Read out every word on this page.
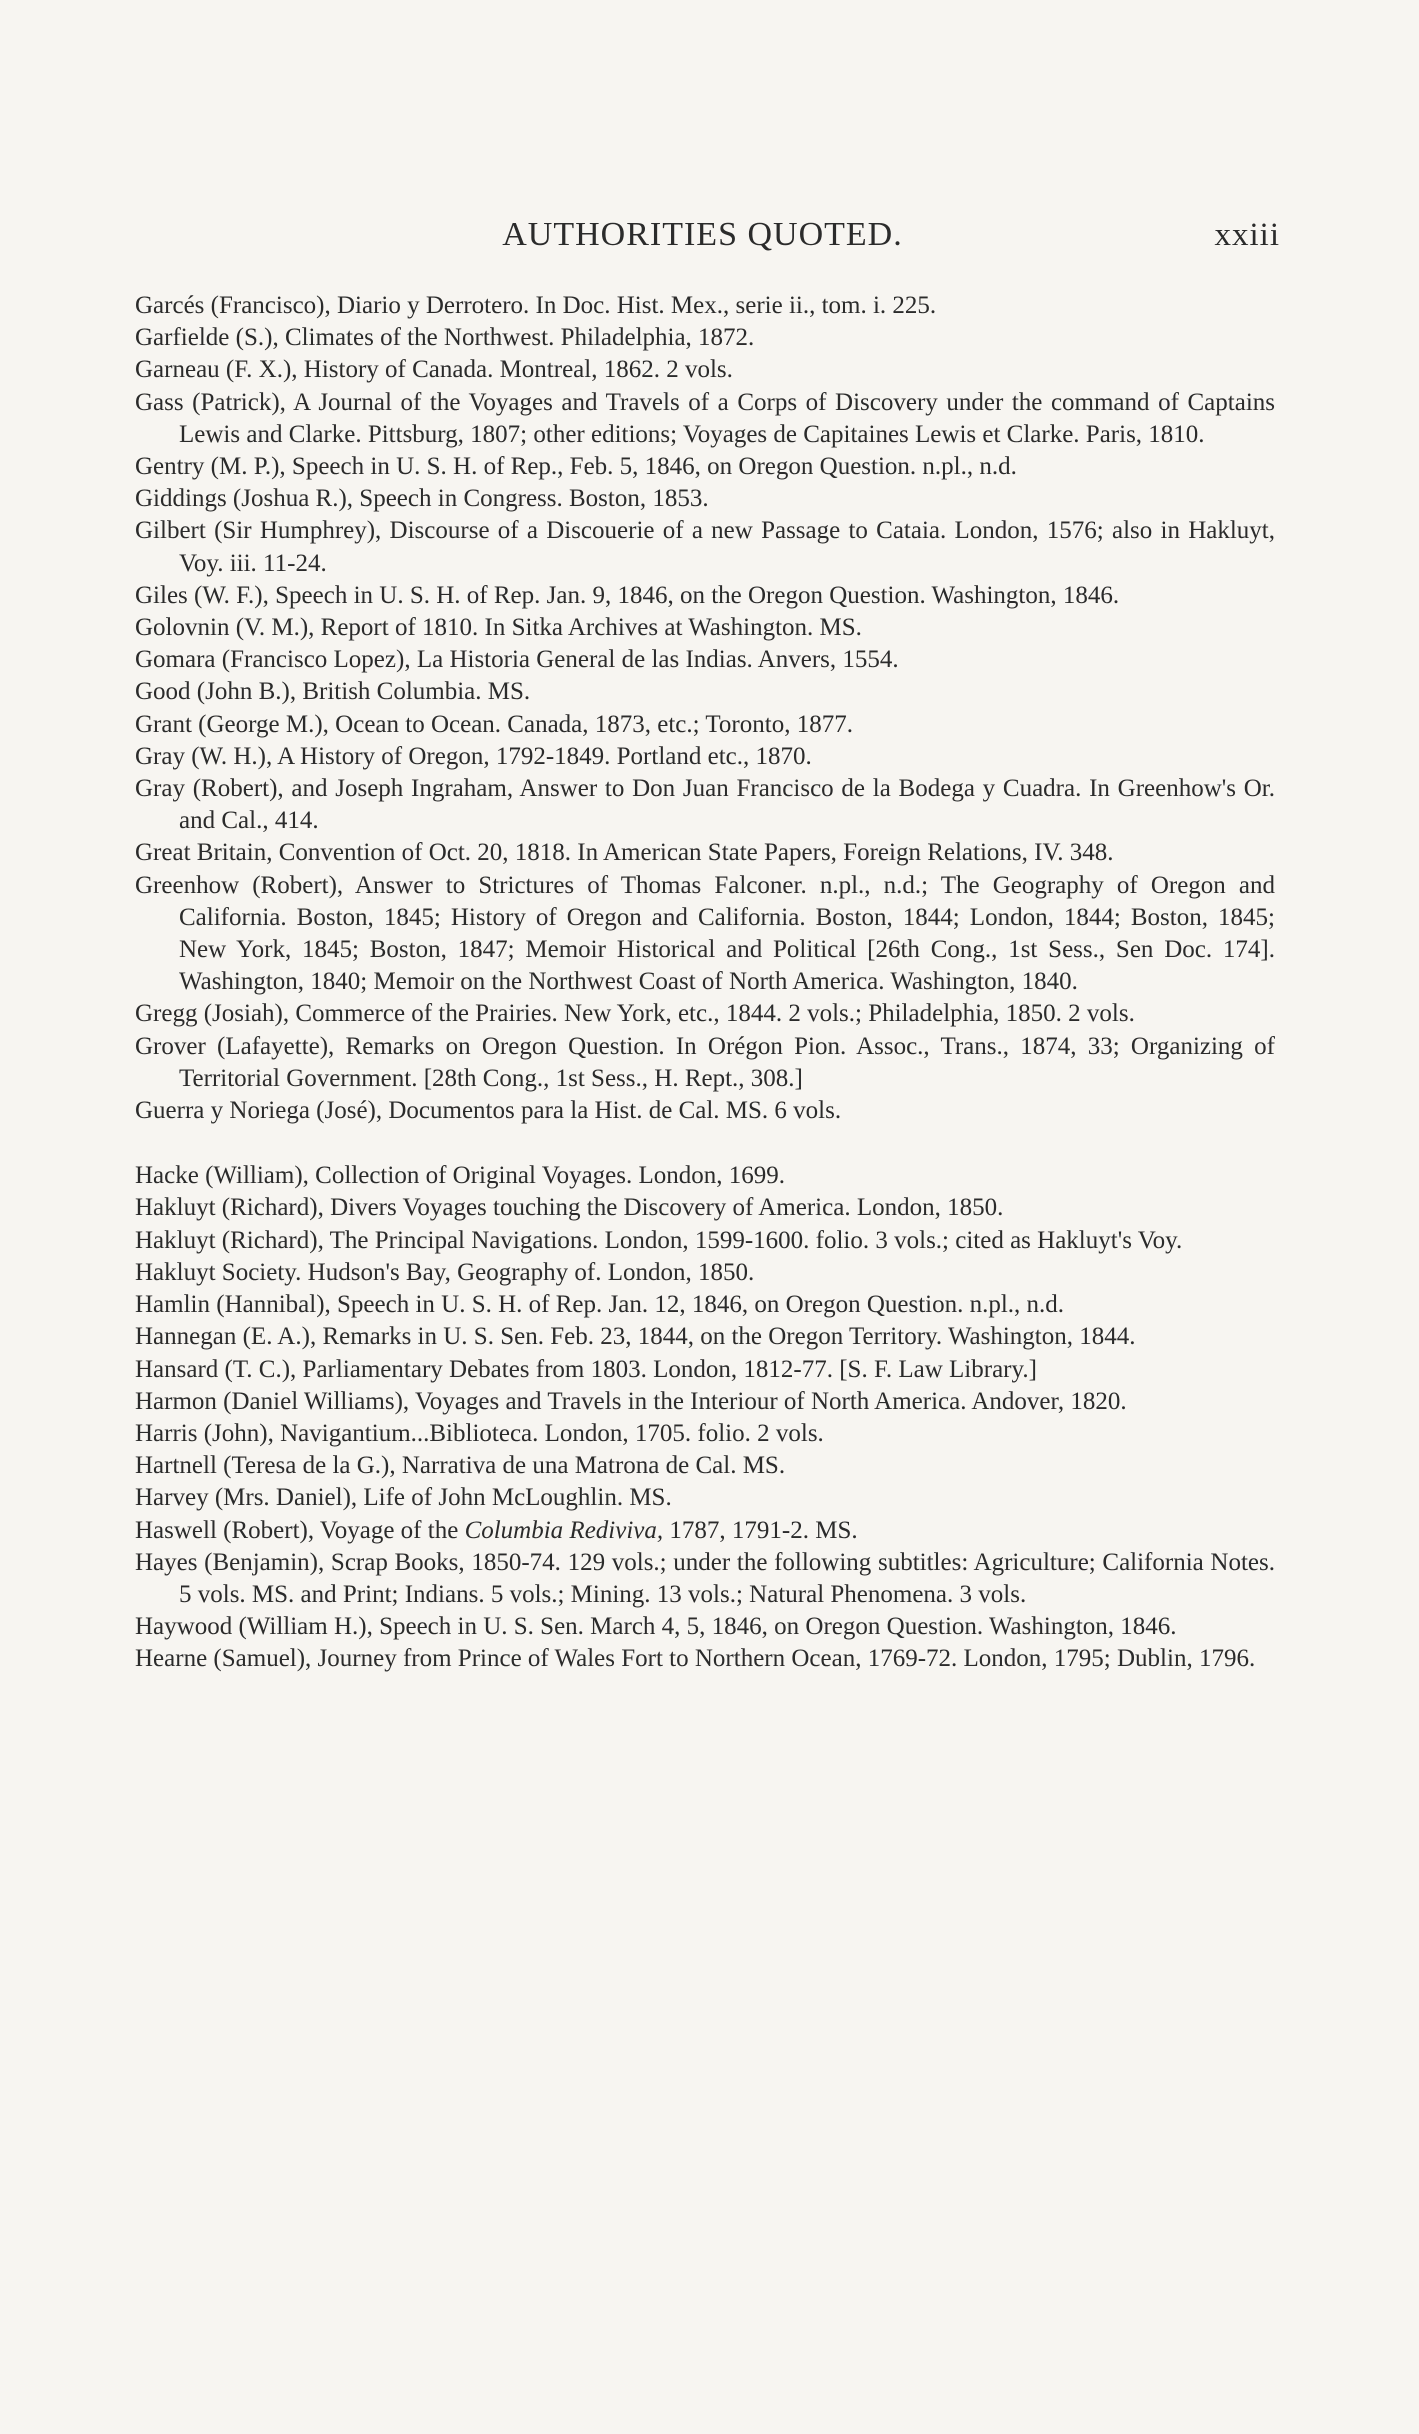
AUTHORITIES QUOTED.	xxiii
Garcés (Francisco), Diario y Derrotero. In Doc. Hist. Mex., serie ii., tom. i. 225.
Garfielde (S.), Climates of the Northwest. Philadelphia, 1872.
Garneau (F. X.), History of Canada. Montreal, 1862. 2 vols.
Gass (Patrick), A Journal of the Voyages and Travels of a Corps of Discovery under the command of Captains Lewis and Clarke. Pittsburg, 1807; other editions; Voyages de Capitaines Lewis et Clarke. Paris, 1810.
Gentry (M. P.), Speech in U. S. H. of Rep., Feb. 5, 1846, on Oregon Question. n.pl., n.d.
Giddings (Joshua R.), Speech in Congress. Boston, 1853.
Gilbert (Sir Humphrey), Discourse of a Discouerie of a new Passage to Cataia. London, 1576; also in Hakluyt, Voy. iii. 11-24.
Giles (W. F.), Speech in U. S. H. of Rep. Jan. 9, 1846, on the Oregon Question. Washington, 1846.
Golovnin (V. M.), Report of 1810. In Sitka Archives at Washington. MS.
Gomara (Francisco Lopez), La Historia General de las Indias. Anvers, 1554.
Good (John B.), British Columbia. MS.
Grant (George M.), Ocean to Ocean. Canada, 1873, etc.; Toronto, 1877.
Gray (W. H.), A History of Oregon, 1792-1849. Portland etc., 1870.
Gray (Robert), and Joseph Ingraham, Answer to Don Juan Francisco de la Bodega y Cuadra. In Greenhow's Or. and Cal., 414.
Great Britain, Convention of Oct. 20, 1818. In American State Papers, Foreign Relations, IV. 348.
Greenhow (Robert), Answer to Strictures of Thomas Falconer. n.pl., n.d.; The Geography of Oregon and California. Boston, 1845; History of Oregon and California. Boston, 1844; London, 1844; Boston, 1845; New York, 1845; Boston, 1847; Memoir Historical and Political [26th Cong., 1st Sess., Sen Doc. 174]. Washington, 1840; Memoir on the Northwest Coast of North America. Washington, 1840.
Gregg (Josiah), Commerce of the Prairies. New York, etc., 1844. 2 vols.; Philadelphia, 1850. 2 vols.
Grover (Lafayette), Remarks on Oregon Question. In Orégon Pion. Assoc., Trans., 1874, 33; Organizing of Territorial Government. [28th Cong., 1st Sess., H. Rept., 308.]
Guerra y Noriega (José), Documentos para la Hist. de Cal. MS. 6 vols.
Hacke (William), Collection of Original Voyages. London, 1699.
Hakluyt (Richard), Divers Voyages touching the Discovery of America. London, 1850.
Hakluyt (Richard), The Principal Navigations. London, 1599-1600. folio. 3 vols.; cited as Hakluyt's Voy.
Hakluyt Society. Hudson's Bay, Geography of. London, 1850.
Hamlin (Hannibal), Speech in U. S. H. of Rep. Jan. 12, 1846, on Oregon Question. n.pl., n.d.
Hannegan (E. A.), Remarks in U. S. Sen. Feb. 23, 1844, on the Oregon Territory. Washington, 1844.
Hansard (T. C.), Parliamentary Debates from 1803. London, 1812-77. [S. F. Law Library.]
Harmon (Daniel Williams), Voyages and Travels in the Interiour of North America. Andover, 1820.
Harris (John), Navigantium...Biblioteca. London, 1705. folio. 2 vols.
Hartnell (Teresa de la G.), Narrativa de una Matrona de Cal. MS.
Harvey (Mrs. Daniel), Life of John McLoughlin. MS.
Haswell (Robert), Voyage of the Columbia Rediviva, 1787, 1791-2. MS.
Hayes (Benjamin), Scrap Books, 1850-74. 129 vols.; under the following subtitles: Agriculture; California Notes. 5 vols. MS. and Print; Indians. 5 vols.; Mining. 13 vols.; Natural Phenomena. 3 vols.
Haywood (William H.), Speech in U. S. Sen. March 4, 5, 1846, on Oregon Question. Washington, 1846.
Hearne (Samuel), Journey from Prince of Wales Fort to Northern Ocean, 1769-72. London, 1795; Dublin, 1796.
